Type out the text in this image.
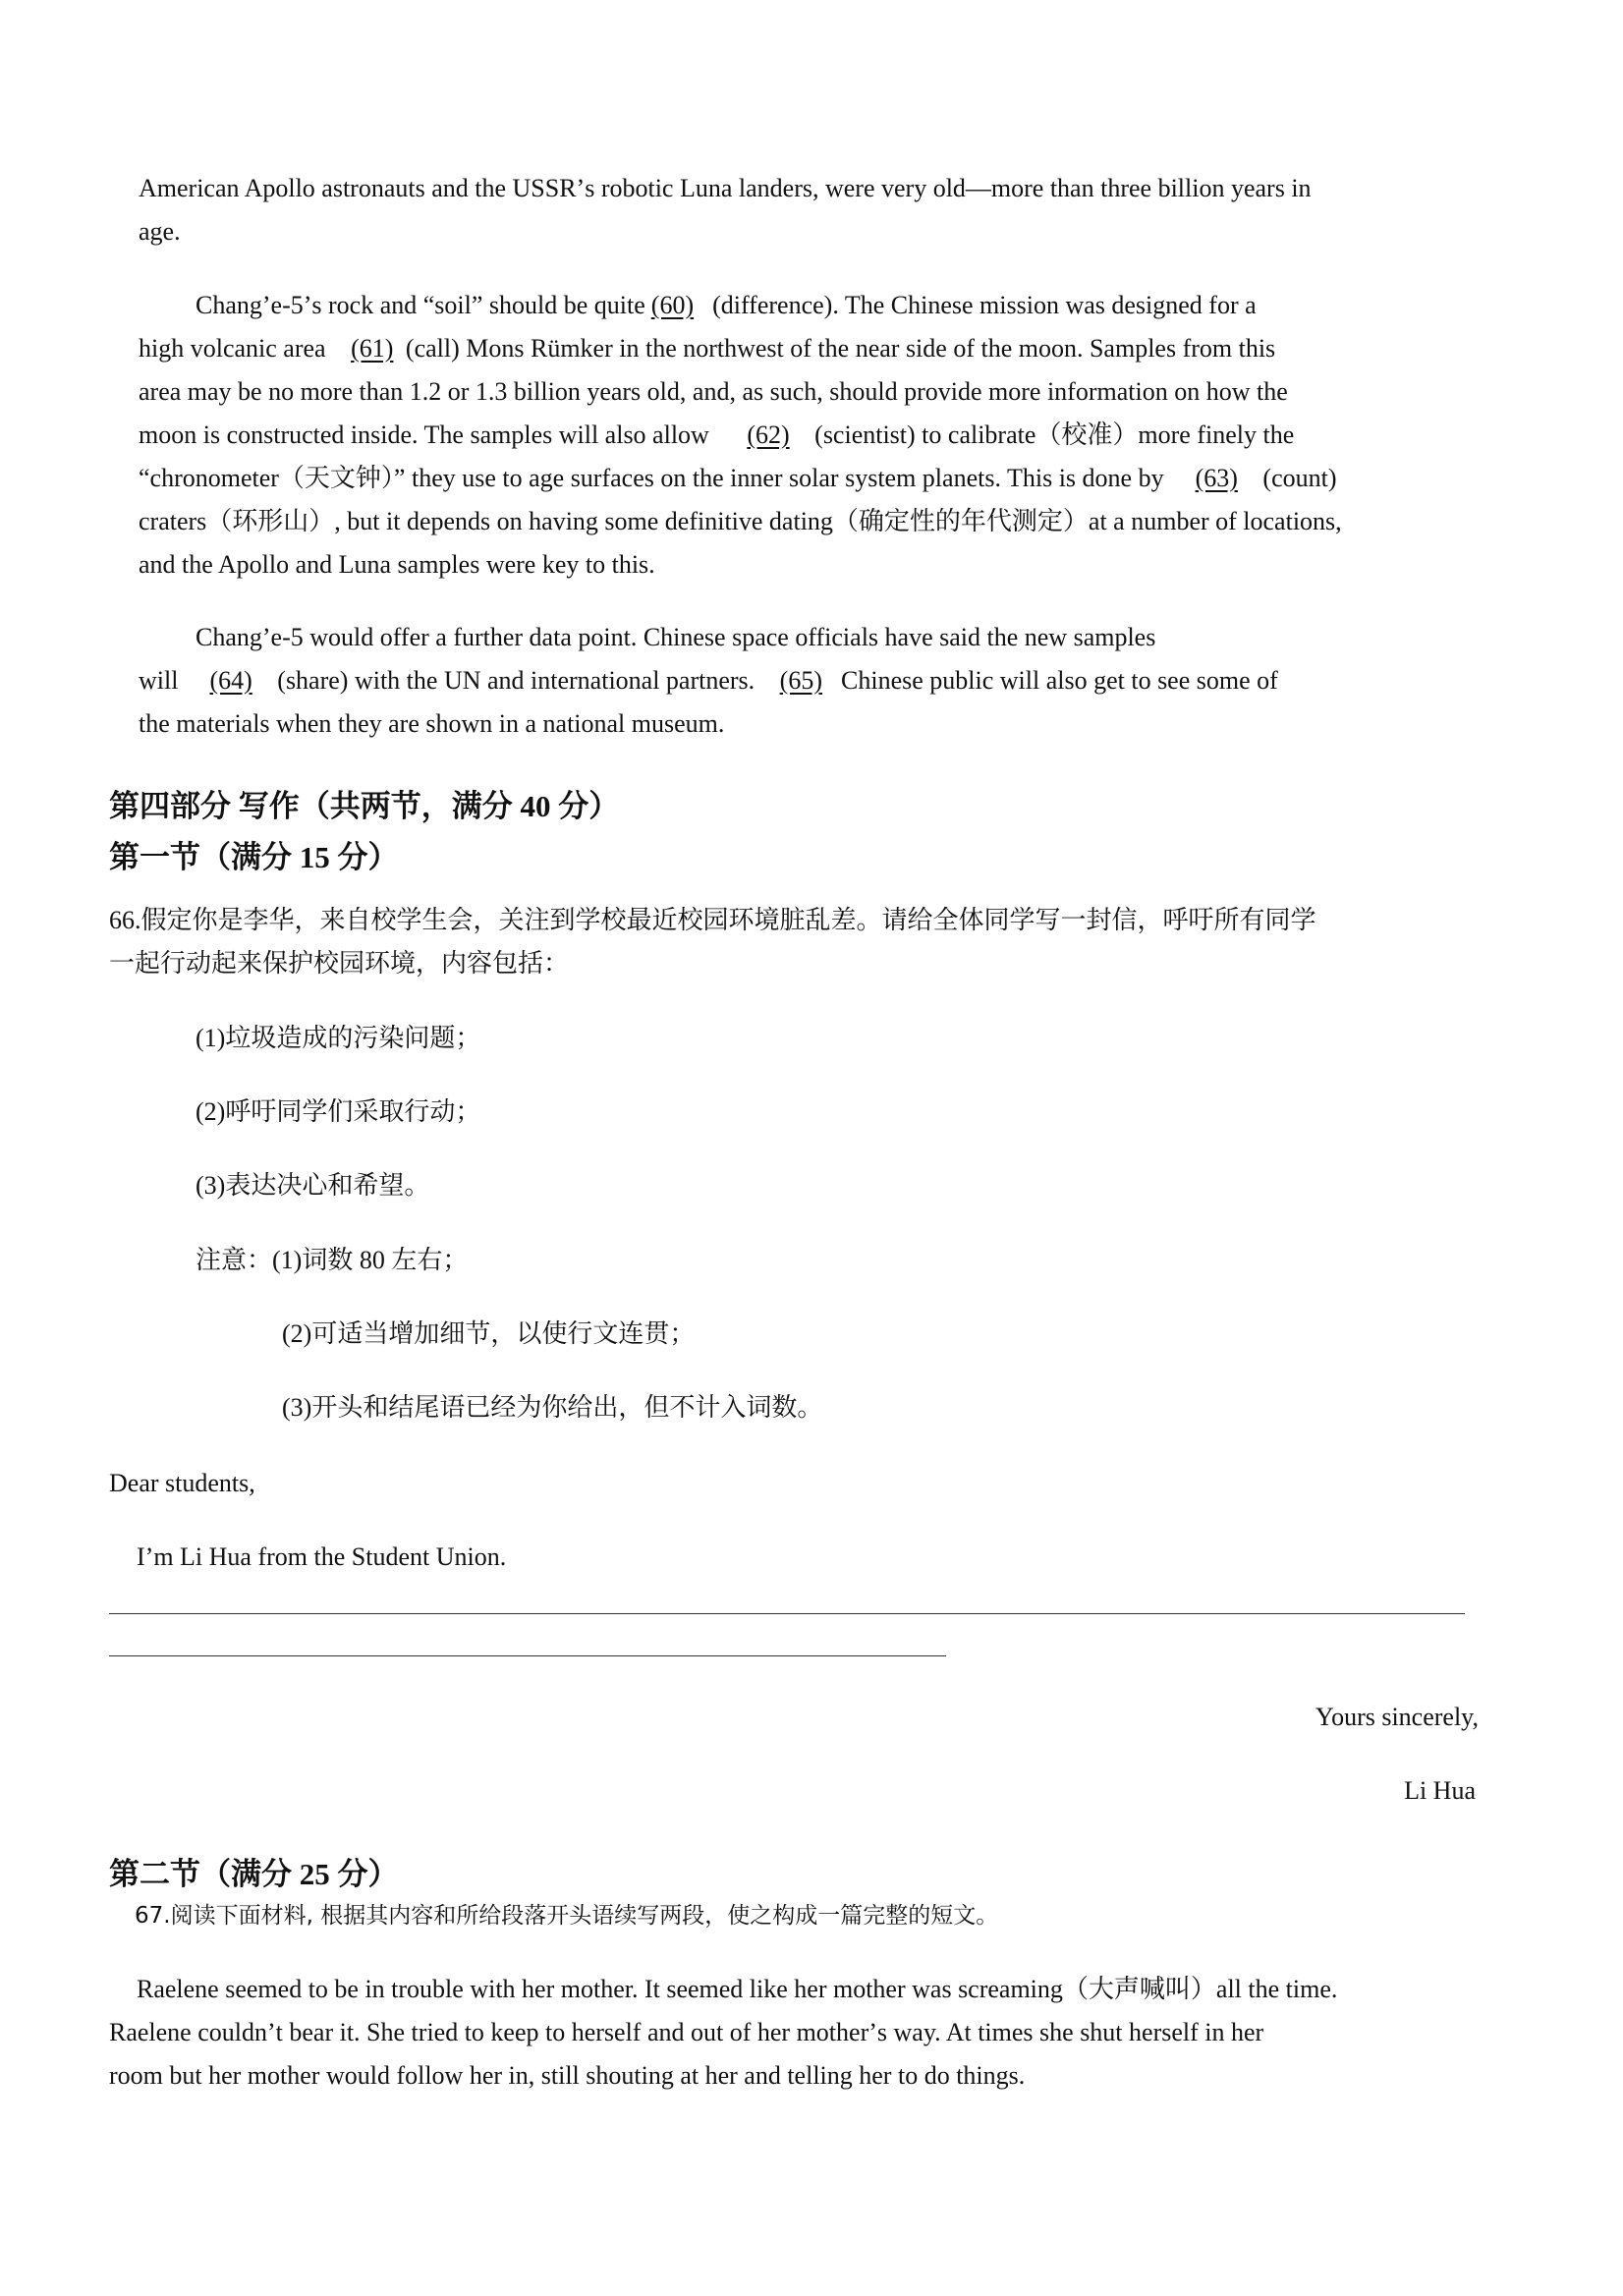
American Apollo astronauts and the USSRʼs robotic Luna landers, were very old—more than three billion years in
age.
Changʼe-5ʼs rock and “soil” should be quite (60) (difference). The Chinese mission was designed for a
high volcanic area (61) (call) Mons Rümker in the northwest of the near side of the moon. Samples from this
area may be no more than 1.2 or 1.3 billion years old, and, as such, should provide more information on how the
moon is constructed inside. The samples will also allow (62) (scientist) to calibrate（校准）more finely the
“chronometer（天文钟）” they use to age surfaces on the inner solar system planets. This is done by (63) (count)
craters（环形山）, but it depends on having some definitive dating（确定性的年代测定）at a number of locations,
and the Apollo and Luna samples were key to this.
Changʼe-5 would offer a further data point. Chinese space officials have said the new samples
will (64) (share) with the UN and international partners. (65) Chinese public will also get to see some of
the materials when they are shown in a national museum.
第四部分 写作（共两节，满分 40 分）
第一节（满分 15 分）
66.假定你是李华，来自校学生会，关注到学校最近校园环境脏乱差。请给全体同学写一封信，呼吁所有同学
一起行动起来保护校园环境，内容包括：
(1)垃圾造成的污染问题；
(2)呼吁同学们采取行动；
(3)表达决心和希望。
注意：(1)词数 80 左右；
(2)可适当增加细节，以使行文连贯；
(3)开头和结尾语已经为你给出，但不计入词数。
Dear students,
Iʼm Li Hua from the Student Union.
Yours sincerely,
Li Hua
第二节（满分 25 分）
67.阅读下面材料, 根据其内容和所给段落开头语续写两段，使之构成一篇完整的短文。
Raelene seemed to be in trouble with her mother. It seemed like her mother was screaming（大声喊叫）all the time.
Raelene couldnʼt bear it. She tried to keep to herself and out of her motherʼs way. At times she shut herself in her
room but her mother would follow her in, still shouting at her and telling her to do things.
